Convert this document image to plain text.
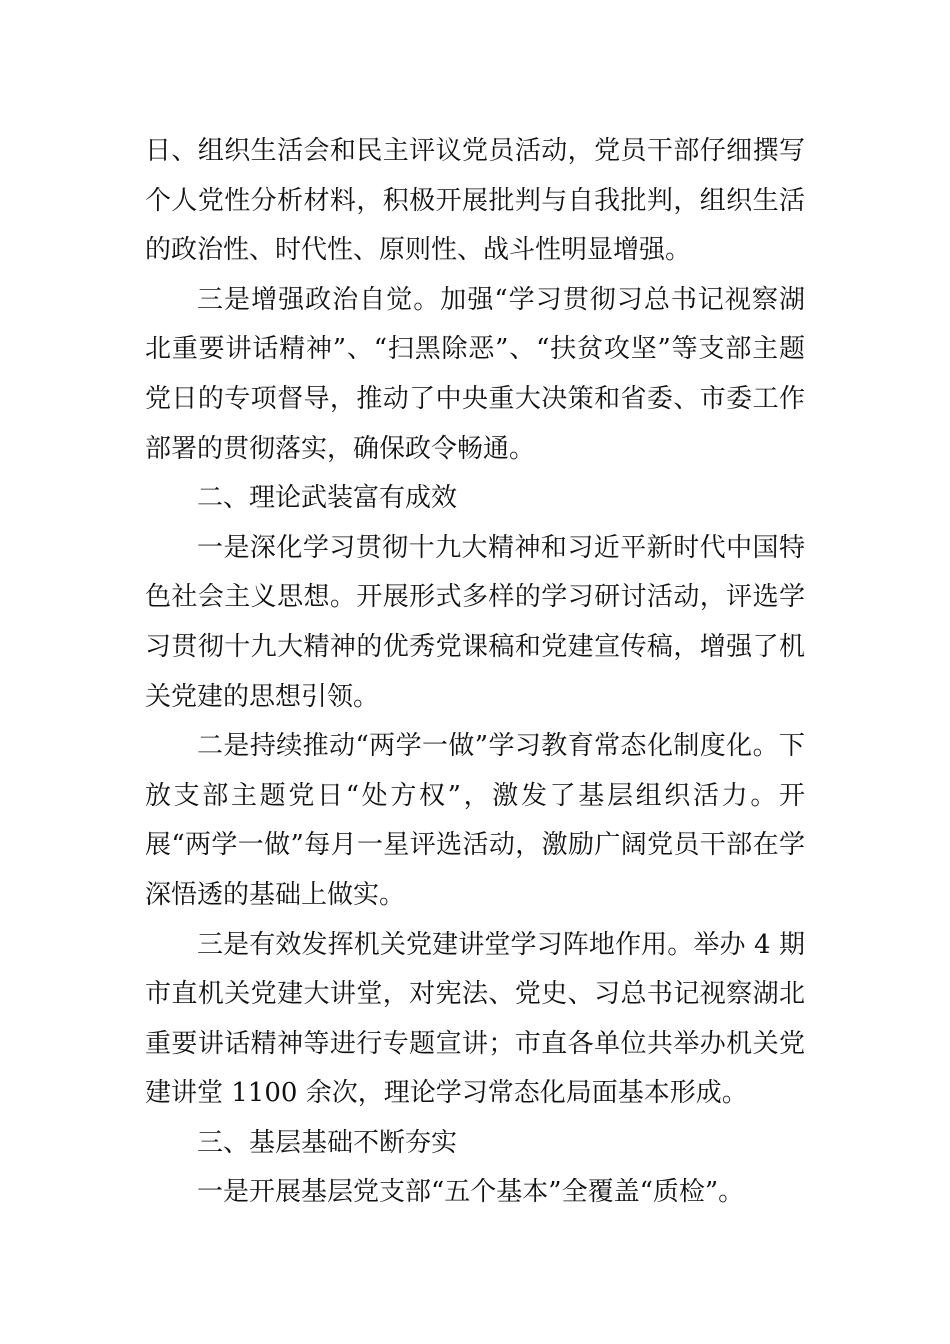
日、组织生活会和民主评议党员活动，党员干部仔细撰写个人党性分析材料，积极开展批判与自我批判，组织生活的政治性、时代性、原则性、战斗性明显增强。

三是增强政治自觉。加强“学习贯彻习总书记视察湖北重要讲话精神”、“扫黑除恶”、“扶贫攻坚”等支部主题党日的专项督导，推动了中央重大决策和省委、市委工作部署的贯彻落实，确保政令畅通。

二、理论武装富有成效

一是深化学习贯彻十九大精神和习近平新时代中国特色社会主义思想。开展形式多样的学习研讨活动，评选学习贯彻十九大精神的优秀党课稿和党建宣传稿，增强了机关党建的思想引领。

二是持续推动“两学一做”学习教育常态化制度化。下放支部主题党日“处方权”，激发了基层组织活力。开展“两学一做”每月一星评选活动，激励广阔党员干部在学深悟透的基础上做实。

三是有效发挥机关党建讲堂学习阵地作用。举办 4 期市直机关党建大讲堂，对宪法、党史、习总书记视察湖北重要讲话精神等进行专题宣讲；市直各单位共举办机关党建讲堂 1100 余次，理论学习常态化局面基本形成。

三、基层基础不断夯实

一是开展基层党支部“五个基本”全覆盖“质检”。
